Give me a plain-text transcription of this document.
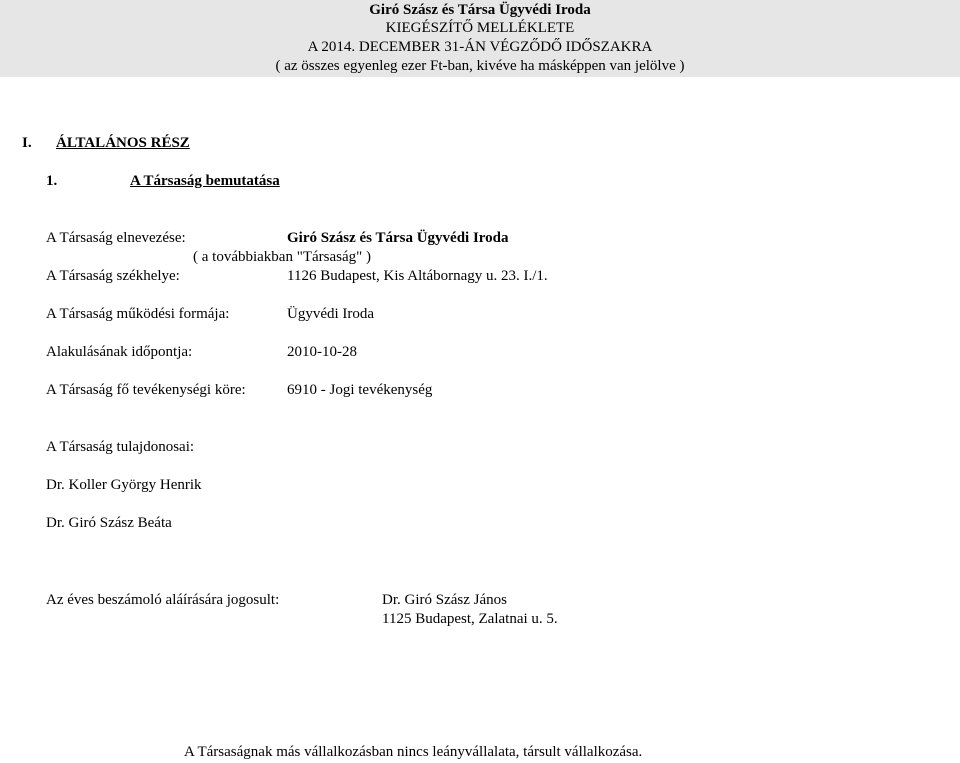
Giró Szász és Társa Ügyvédi Iroda
KIEGÉSZÍTŐ MELLÉKLETE
A 2014. DECEMBER 31-ÁN VÉGZŐDŐ IDŐSZAKRA
( az összes egyenleg ezer Ft-ban, kivéve ha másképpen van jelölve )
I. ÁLTALÁNOS RÉSZ
1.	A Társaság bemutatása
A Társaság elnevezése:	Giró Szász és Társa Ügyvédi Iroda
( a továbbiakban "Társaság" )
A Társaság székhelye:	1126 Budapest, Kis Altábornagy u. 23. I./1.
A Társaság működési formája:	Ügyvédi Iroda
Alakulásának időpontja:	2010-10-28
A Társaság fő tevékenységi köre:	6910 - Jogi tevékenység
A Társaság tulajdonosai:
Dr. Koller György Henrik
Dr. Giró Szász Beáta
Az éves beszámoló aláírására jogosult:	Dr. Giró Szász János
1125 Budapest, Zalatnai u. 5.
A Társaságnak más vállalkozásban nincs leányvállalata, társult vállalkozása.
